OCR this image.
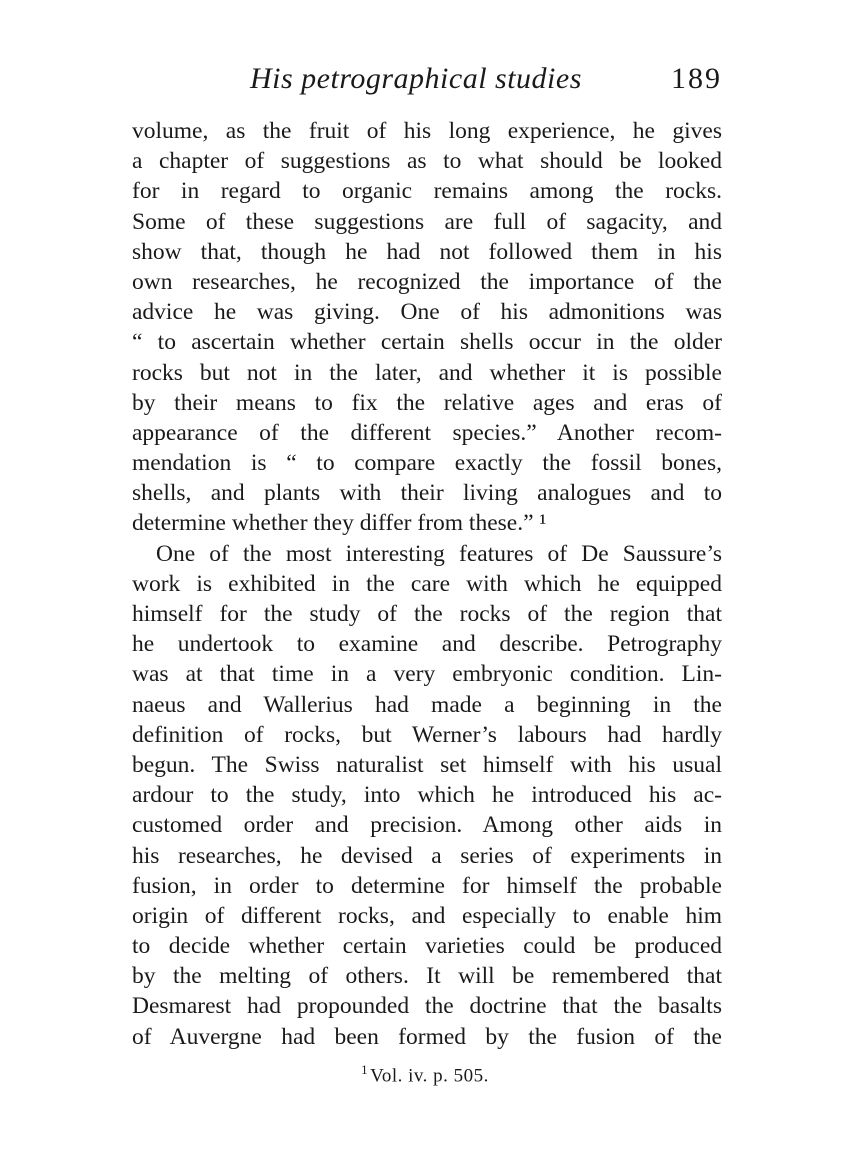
His petrographical studies	189
volume, as the fruit of his long experience, he gives
a chapter of suggestions as to what should be looked
for in regard to organic remains among the rocks.
Some of these suggestions are full of sagacity, and
show that, though he had not followed them in his
own researches, he recognized the importance of the
advice he was giving. One of his admonitions was
“ to ascertain whether certain shells occur in the older
rocks but not in the later, and whether it is possible
by their means to fix the relative ages and eras of
appearance of the different species.” Another recom-
mendation is “ to compare exactly the fossil bones,
shells, and plants with their living analogues and to
determine whether they differ from these.” ¹
One of the most interesting features of De Saussure’s
work is exhibited in the care with which he equipped
himself for the study of the rocks of the region that
he undertook to examine and describe. Petrography
was at that time in a very embryonic condition. Lin-
naeus and Wallerius had made a beginning in the
definition of rocks, but Werner’s labours had hardly
begun. The Swiss naturalist set himself with his usual
ardour to the study, into which he introduced his ac-
customed order and precision. Among other aids in
his researches, he devised a series of experiments in
fusion, in order to determine for himself the probable
origin of different rocks, and especially to enable him
to decide whether certain varieties could be produced
by the melting of others. It will be remembered that
Desmarest had propounded the doctrine that the basalts
of Auvergne had been formed by the fusion of the
$^1$ Vol. iv. p. 505.
